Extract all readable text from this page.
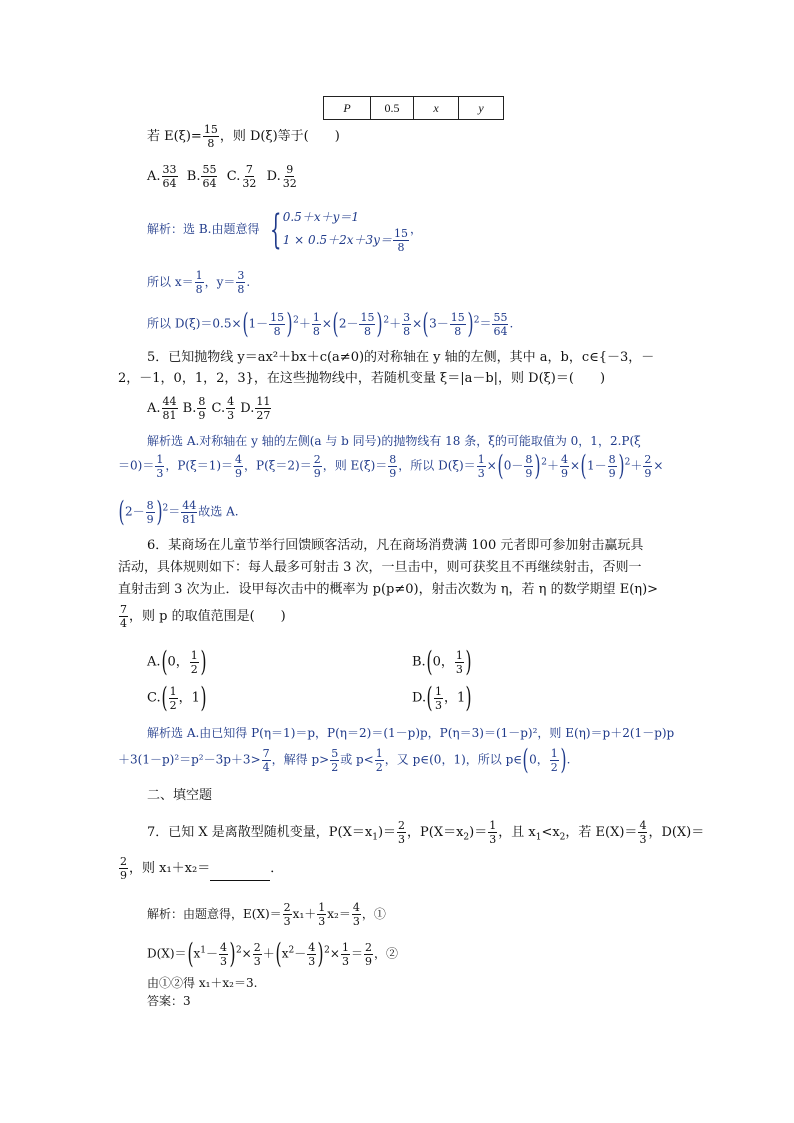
P	0.5	x	y
若 $E(\xi)= \frac{15}{8}$ ，则 D(ξ)等于(　　)
A. $\frac{33}{64} B$. $\frac{55}{64} C$. $\frac{7}{32} D$. $\frac{9}{32}$
解析：选 B.由题意得 { 0.5＋x＋y＝1
$1 \times 0.5+2x+3y= \frac{15}{8}$ ，
所以 $x= \frac{1}{8}$ ，$y= \frac{3}{8}$ .
所以 $D(\xi)=0.5\times(1- \frac{15}{8} )^2+ \frac{1}{8} \times(2- \frac{15}{8} )^2+ \frac{3}{8} \times(3- \frac{15}{8} )^2= \frac{55}{64}$ .
5．已知抛物线 y＝ax²＋bx＋c(a≠0)的对称轴在 y 轴的左侧，其中 a，b，c∈{－3，－
2，－1，0，1，2，3}，在这些抛物线中，若随机变量 ξ＝|a－b|，则 D(ξ)＝(　　)
A. $\frac{44}{81} B$. $\frac{8}{9} C$. $\frac{4}{3} D$. $\frac{11}{27}$
解析选 A.对称轴在 y 轴的左侧(a 与 b 同号)的抛物线有 18 条，ξ的可能取值为 0，1，2.P(ξ
$=0)= \frac{1}{3}$ ，$P(\xi=1)= \frac{4}{9}$ ，$P(\xi=2)= \frac{2}{9}$ ，则 $E(\xi)= \frac{8}{9}$ ，所以 $D(\xi)= \frac{1}{3} \times(0- \frac{8}{9} )^2+ \frac{4}{9} \times(1- \frac{8}{9} )^2+ \frac{2}{9}$ ×
$(2- \frac{8}{9} )^2= \frac{44}{81}$ 故选 A.
6．某商场在儿童节举行回馈顾客活动，凡在商场消费满 100 元者即可参加射击赢玩具
活动，具体规则如下：每人最多可射击 3 次，一旦击中，则可获奖且不再继续射击，否则一
直射击到 3 次为止．设甲每次击中的概率为 p(p≠0)，射击次数为 η，若 η 的数学期望 E(η)>
$\frac{7}{4}$ ，则 p 的取值范围是(　　)
A.(0， $\frac{1}{2}$ )	B.(0， $\frac{1}{3}$ )
$C.( \frac{1}{2}$ ，1)	$D.( \frac{1}{3}$ ，1)
解析选 A.由已知得 P(η＝1)＝p，P(η＝2)＝(1－p)p，P(η＝3)＝(1－p)²，则 E(η)＝p＋2(1－p)p
$+3(1-p)^2=p^2-3p+3> \frac{7}{4}$ ，解得 $p> \frac{5}{2}$ 或 $p< \frac{1}{2}$ ，又 p∈(0，1)，所以 p∈(0， $\frac{1}{2}$ ).
二、填空题
7．已知 X 是离散型随机变量，$P(X=x_1)= \frac{2}{3}$ ，$P(X=x_2)= \frac{1}{3}$ ，且 $x_1<x_2$，若 $E(X)= \frac{4}{3}$ ，D(X)＝
$\frac{2}{9}$ ，则 x₁＋x₂＝	．
解析：由题意得，$E(X)= \frac{2}{3} x_1+ \frac{1}{3} x_2= \frac{4}{3}$ ，①
$D(X)=(x^1- \frac{4}{3} )^2\times \frac{2}{3} +(x^2- \frac{4}{3} )^2\times \frac{1}{3} = \frac{2}{9}$ ，②
由①②得 x₁＋x₂＝3.
答案：3
